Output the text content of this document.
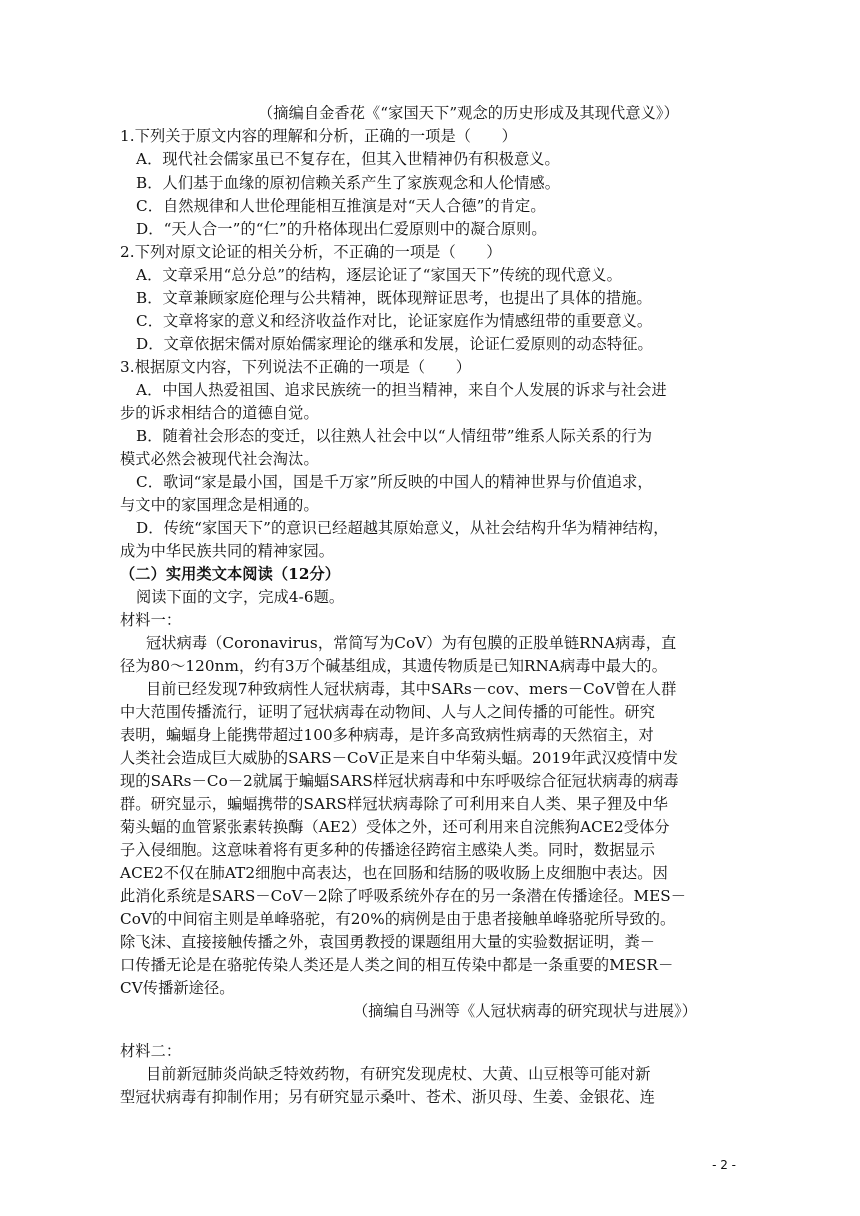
（摘编自金香花《“家国天下”观念的历史形成及其现代意义》）
1.下列关于原文内容的理解和分析，正确的一项是（　　）
A．现代社会儒家虽已不复存在，但其入世精神仍有积极意义。
B．人们基于血缘的原初信赖关系产生了家族观念和人伦情感。
C．自然规律和人世伦理能相互推演是对“天人合德”的肯定。
D．“天人合一”的“仁”的升格体现出仁爱原则中的凝合原则。
2.下列对原文论证的相关分析，不正确的一项是（　　）
A．文章采用“总分总”的结构，逐层论证了“家国天下”传统的现代意义。
B．文章兼顾家庭伦理与公共精神，既体现辩证思考，也提出了具体的措施。
C．文章将家的意义和经济收益作对比，论证家庭作为情感纽带的重要意义。
D．文章依据宋儒对原始儒家理论的继承和发展，论证仁爱原则的动态特征。
3.根据原文内容，下列说法不正确的一项是（　　）
A．中国人热爱祖国、追求民族统一的担当精神，来自个人发展的诉求与社会进
步的诉求相结合的道德自觉。
B．随着社会形态的变迁，以往熟人社会中以“人情纽带”维系人际关系的行为
模式必然会被现代社会淘汰。
C．歌词“家是最小国，国是千万家”所反映的中国人的精神世界与价值追求，
与文中的家国理念是相通的。
D．传统“家国天下”的意识已经超越其原始意义，从社会结构升华为精神结构，
成为中华民族共同的精神家园。
（二）实用类文本阅读（12分）
阅读下面的文字，完成4-6题。
材料一：
冠状病毒（Coronavirus，常简写为CoV）为有包膜的正股单链RNA病毒，直
径为80～120nm，约有3万个碱基组成，其遗传物质是已知RNA病毒中最大的。
目前已经发现7种致病性人冠状病毒，其中SARs－cov、mers－CoV曾在人群
中大范围传播流行，证明了冠状病毒在动物间、人与人之间传播的可能性。研究
表明，蝙蝠身上能携带超过100多种病毒，是许多高致病性病毒的天然宿主，对
人类社会造成巨大威胁的SARS－CoV正是来自中华菊头蝠。2019年武汉疫情中发
现的SARs－Co－2就属于蝙蝠SARS样冠状病毒和中东呼吸综合征冠状病毒的病毒
群。研究显示，蝙蝠携带的SARS样冠状病毒除了可利用来自人类、果子狸及中华
菊头蝠的血管紧张素转换酶（AE2）受体之外，还可利用来自浣熊狗ACE2受体分
子入侵细胞。这意味着将有更多种的传播途径跨宿主感染人类。同时，数据显示
ACE2不仅在肺AT2细胞中高表达，也在回肠和结肠的吸收肠上皮细胞中表达。因
此消化系统是SARS－CoV－2除了呼吸系统外存在的另一条潜在传播途径。MES－
CoV的中间宿主则是单峰骆驼，有20%的病例是由于患者接触单峰骆驼所导致的。
除飞沫、直接接触传播之外，袁国勇教授的课题组用大量的实验数据证明，粪－
口传播无论是在骆驼传染人类还是人类之间的相互传染中都是一条重要的MESR－
CV传播新途径。
（摘编自马洲等《人冠状病毒的研究现状与进展》）
材料二：
目前新冠肺炎尚缺乏特效药物，有研究发现虎杖、大黄、山豆根等可能对新
型冠状病毒有抑制作用；另有研究显示桑叶、苍术、浙贝母、生姜、金银花、连
- 2 -
